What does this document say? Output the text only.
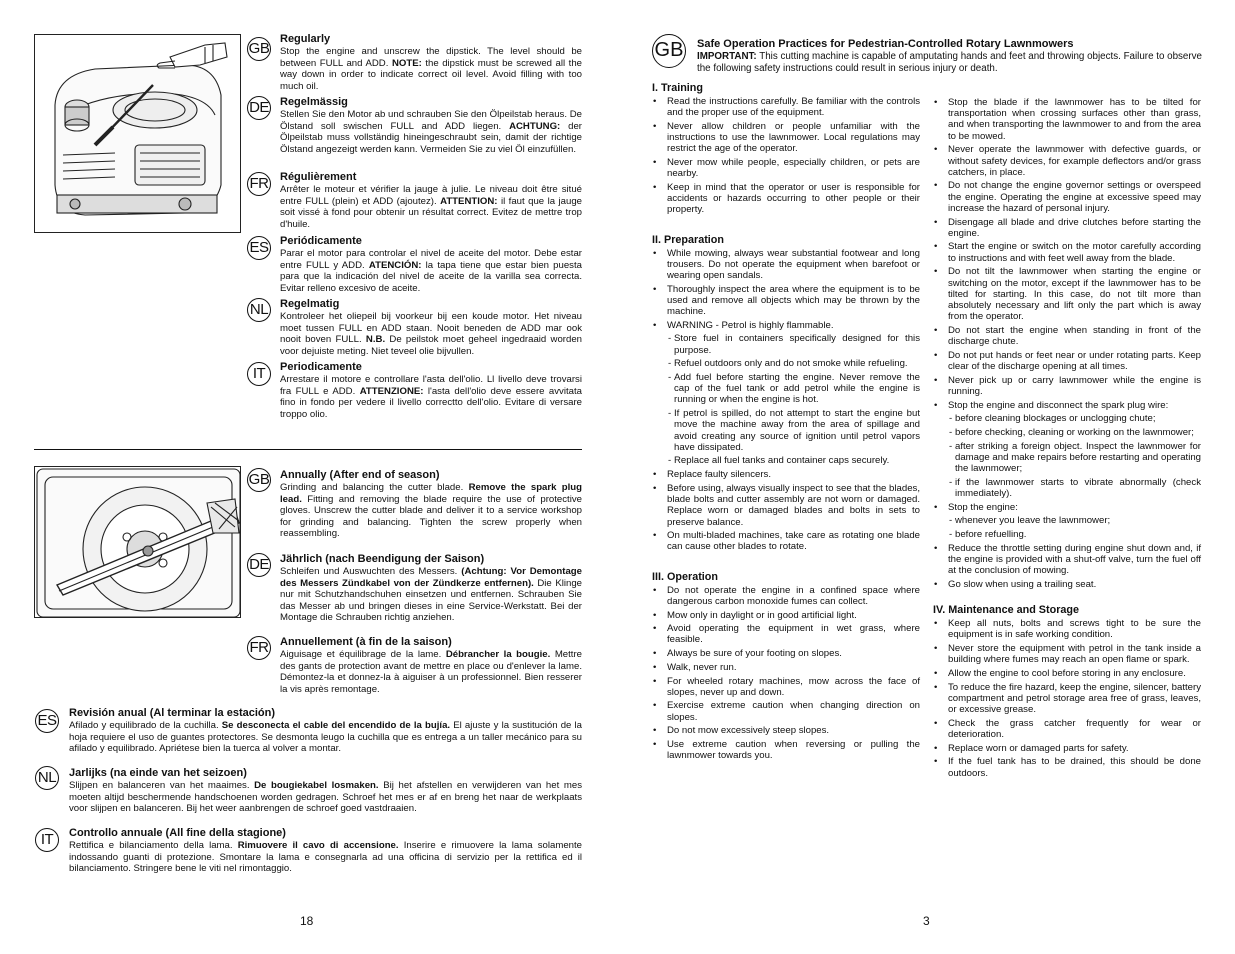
GB
Regularly

Stop the engine and unscrew the dipstick. The level should be between FULL and ADD. NOTE: the dipstick must be screwed all the way down in order to indicate correct oil level. Avoid filling with too much oil.

DE Regelmässig

Stellen Sie den Motor ab und schrauben Sie den Ölpeilstab heraus. De Ölstand soll swischen FULL and ADD liegen. ACHTUNG: der Ölpeilstab muss vollständig hineingeschraubt sein, damit der richtige Ölstand angezeigt werden kann. Vermeiden Sie zu viel Öl einzufüllen.

FR Régulièrement

Arrêter le moteur et vérifier la jauge à julie. Le niveau doit être situé entre FULL (plein) et ADD (ajoutez). ATTENTION: il faut que la jauge soit vissé à fond pour obtenir un résultat correct. Evitez de mettre trop d'huile.

ES Periódicamente

Parar el motor para controlar el nivel de aceite del motor. Debe estar entre FULL y ADD. ATENCIÓN: la tapa tiene que estar bien puesta para que la indicación del nivel de aceite de la varilla sea correcta. Evitar relleno excesivo de aceite.

NL Regelmatig

Kontroleer het oliepeil bij voorkeur bij een koude motor. Het niveau moet tussen FULL en ADD staan. Nooit beneden de ADD mar ook nooit boven FULL. N.B. De peilstok moet geheel ingedraaid worden voor dejuiste meting. Niet teveel olie bijvullen.

IT	Periodicamente

Arrestare il motore e controllare l'asta dell'olio. Ll livello deve trovarsi fra FULL e ADD. ATTENZIONE: l'asta dell'olio deve essere avvitata fino in fondo per vedere il livello correctto dell'olio. Evitare di versare troppo olio.

GB Annually (After end of season)

Grinding and balancing the cutter blade. Remove the spark plug lead. Fitting and removing the blade require the use of protective gloves. Unscrew the cutter blade and deliver it to a service workshop for grinding and balancing. Tighten the screw properly when reassembling.

DE Jährlich (nach Beendigung der Saison)

Schleifen und Auswuchten des Messers. (Achtung: Vor Demontage des Messers Zündkabel von der Zündkerze entfernen). Die Klinge nur mit Schutzhandschuhen einsetzen und entfernen. Schrauben Sie das Messer ab und bringen dieses in eine Service-Werkstatt. Bei der Montage die Schrauben richtig anziehen.

FR Annuellement (à fin de la saison)

Aiguisage et équilibrage de la lame. Débrancher la bougie. Mettre des gants de protection avant de mettre en place ou d'enlever la lame. Démontez-la et donnez-la à aiguiser à un professionnel. Bien resserer la vis après remontage.

ES Revisión anual (Al terminar la estación)

Afilado y equilibrado de la cuchilla. Se desconecta el cable del encendido de la bujía. El ajuste y la sustitución de la hoja requiere el uso de guantes protectores. Se desmonta leugo la cuchilla que es entrega a un taller mecánico para su afilado y equilibrado. Apriétese bien la tuerca al volver a montar.

NL Jarlijks (na einde van het seizoen)

Slijpen en balanceren van het maaimes. De bougiekabel losmaken. Bij het afstellen en verwijderen van het mes moeten altijd beschermende handschoenen worden gedragen. Schroef het mes er af en breng het naar de werkplaats voor slijpen en balanceren. Bij het weer aanbrengen de schroef goed vastdraaien.

IT	Controllo annuale (All fine della stagione)

Rettifica e bilanciamento della lama. Rimuovere il cavo di accensione. Inserire e rimuovere la lama solamente indossando guanti di protezione. Smontare la lama e consegnarla ad una officina di servizio per la rettifica ed il bilanciamento. Stringere bene le viti nel rimontaggio.

18
GB Safe Operation Practices for Pedestrian-Controlled Rotary Lawnmowers

IMPORTANT: This cutting machine is capable of amputating hands and feet and throwing objects. Failure to observe the following safety instructions could result in serious injury or death.

I. Training
• Read the instructions carefully. Be familiar with the controls and the proper use of the equipment.
• Never allow children or people unfamiliar with the instructions to use the lawnmower. Local regulations may restrict the age of the operator.
• Never mow while people, especially children, or pets are nearby.
• Keep in mind that the operator or user is responsible for accidents or hazards occurring to other people or their property.
II. Preparation
• While mowing, always wear substantial footwear and long trousers. Do not operate the equipment when barefoot or wearing open sandals.
• Thoroughly inspect the area where the equipment is to be used and remove all objects which may be thrown by the machine.
• WARNING - Petrol is highly flammable.
- Store fuel in containers specifically designed for this purpose.
- Refuel outdoors only and do not smoke while refueling.
- Add fuel before starting the engine. Never remove the cap of the fuel tank or add petrol while the engine is running or when the engine is hot.
- If petrol is spilled, do not attempt to start the engine but move the machine away from the area of spillage and avoid creating any source of ignition until petrol vapors have dissipated.
- Replace all fuel tanks and container caps securely.
• Replace faulty silencers.
• Before using, always visually inspect to see that the blades, blade bolts and cutter assembly are not worn or damaged. Replace worn or damaged blades and bolts in sets to preserve balance.
• On multi-bladed machines, take care as rotating one blade can cause other blades to rotate.
III. Operation
• Do not operate the engine in a confined space where dangerous carbon monoxide fumes can collect.
• Mow only in daylight or in good artificial light.
• Avoid operating the equipment in wet grass, where feasible.
• Always be sure of your footing on slopes.
• Walk, never run.
• For wheeled rotary machines, mow across the face of slopes, never up and down.
• Exercise extreme caution when changing direction on slopes.
• Do not mow excessively steep slopes.
• Use extreme caution when reversing or pulling the lawnmower towards you.
• Stop the blade if the lawnmower has to be tilted for transportation when crossing surfaces other than grass, and when transporting the lawnmower to and from the area to be mowed.
• Never operate the lawnmower with defective guards, or without safety devices, for example deflectors and/or grass catchers, in place.
• Do not change the engine governor settings or overspeed the engine. Operating the engine at excessive speed may increase the hazard of personal injury.
• Disengage all blade and drive clutches before starting the engine.
• Start the engine or switch on the motor carefully according to instructions and with feet well away from the blade.
• Do not tilt the lawnmower when starting the engine or switching on the motor, except if the lawnmower has to be tilted for starting. In this case, do not tilt more than absolutely necessary and lift only the part which is away from the operator.
• Do not start the engine when standing in front of the discharge chute.
• Do not put hands or feet near or under rotating parts. Keep clear of the discharge opening at all times.
• Never pick up or carry lawnmower while the engine is running.
• Stop the engine and disconnect the spark plug wire:
- before cleaning blockages or unclogging chute;
- before checking, cleaning or working on the lawnmower;
- after striking a foreign object. Inspect the lawnmower for damage and make repairs before restarting and operating the lawnmower;
- if the lawnmower starts to vibrate abnormally (check immediately).
• Stop the engine:
- whenever you leave the lawnmower;
- before refuelling.
• Reduce the throttle setting during engine shut down and, if the engine is provided with a shut-off valve, turn the fuel off at the conclusion of mowing.
• Go slow when using a trailing seat.
IV. Maintenance and Storage
• Keep all nuts, bolts and screws tight to be sure the equipment is in safe working condition.
• Never store the equipment with petrol in the tank inside a building where fumes may reach an open flame or spark.
• Allow the engine to cool before storing in any enclosure.
• To reduce the fire hazard, keep the engine, silencer, battery compartment and petrol storage area free of grass, leaves, or excessive grease.
• Check the grass catcher frequently for wear or deterioration.
• Replace worn or damaged parts for safety.
• If the fuel tank has to be drained, this should be done outdoors.
3
